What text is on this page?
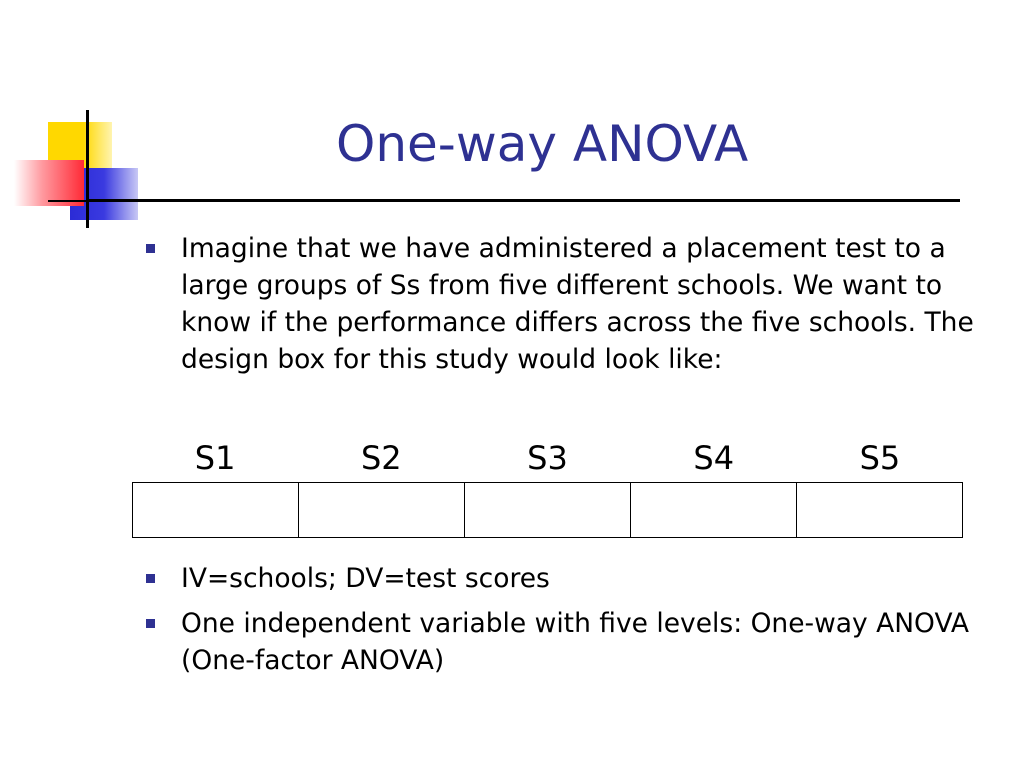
One-way ANOVA
Imagine that we have administered a placement test to a large groups of Ss from five different schools. We want to know if the performance differs across the five schools. The design box for this study would look like:
S1	S2	S3	S4	S5
IV=schools; DV=test scores
One independent variable with five levels: One-way ANOVA (One-factor ANOVA)
